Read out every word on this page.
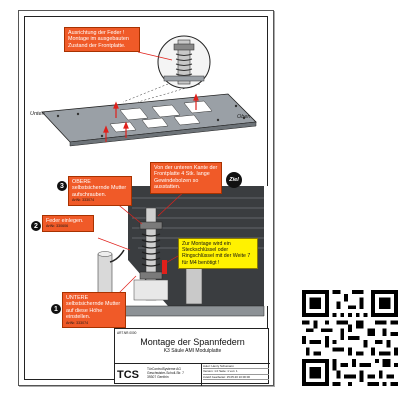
Unten	Oben
Ausrichtung der Feder ! Montage im ausgebauten Zustand der Frontplatte.
Von der unteren Kante der Frontplatte 4 Stk. lange Gewindebolzen so ausstatten.
Ziel
3
OBERE selbstsichernde Mutter aufschrauben.
ArtNr. 333074
2
Feder einlegen.
ArtNr. 330606
Zur Montage wird ein Steckschlüssel oder Ringschlüssel mit der Weite 7 für M4 benötigt !
1
UNTERE selbstsichernde Mutter auf diese Höhe einstellen.
ArtNr. 333074
ART.NR.0000
Montage der Spannfedern
K3 Säule AMI Modulplatte
TCS TürControlSysteme AG
Geschwister-Scholl-Str. 7
39307 Genthin
Autor: Henry Schumann
Version: 1.0 Seite: 1 von: 1
zuletzt bearbeitet: 15.05.20 10:00:00
